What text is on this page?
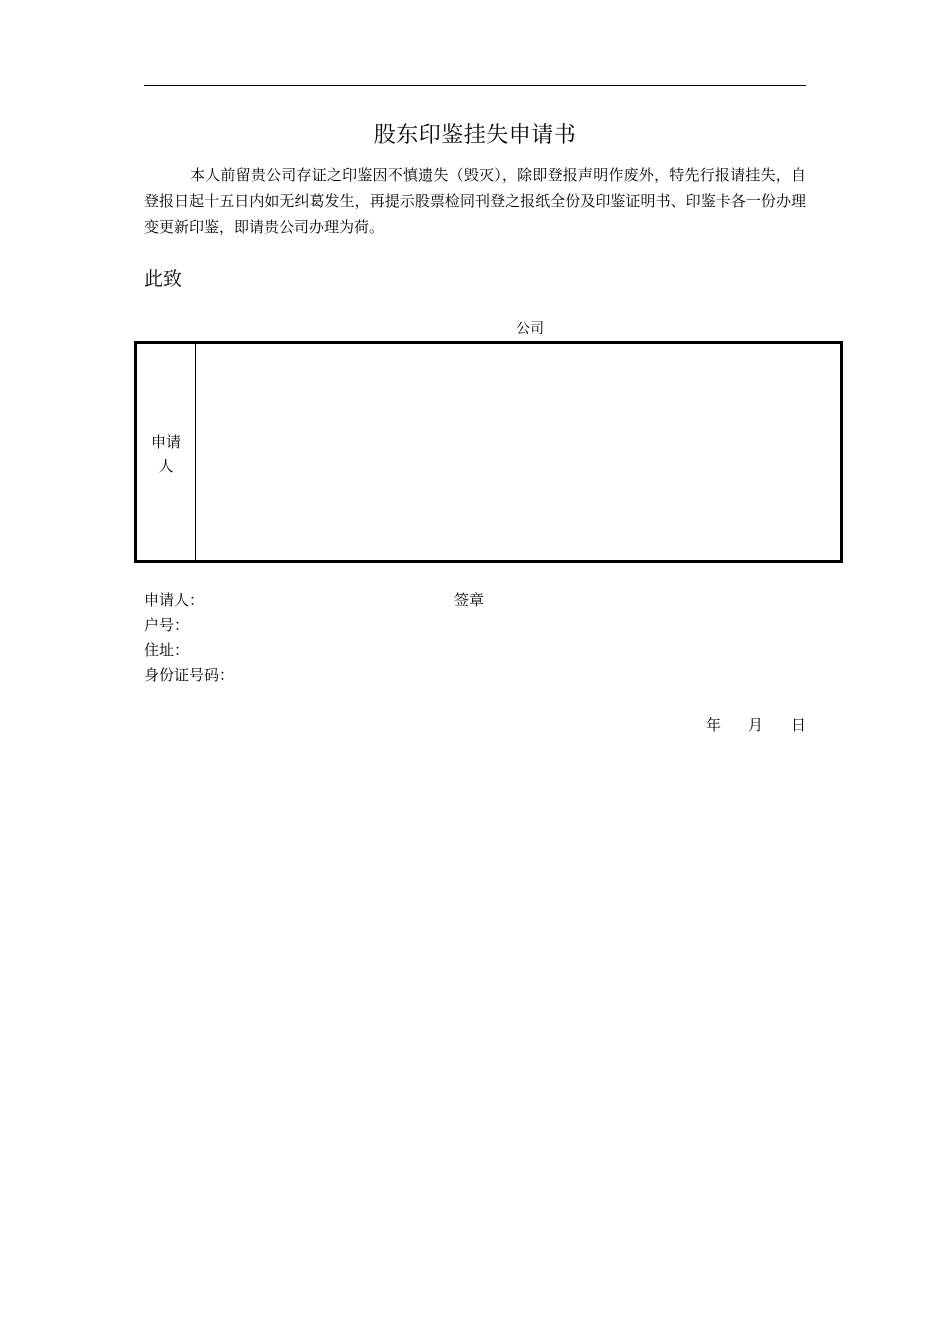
股东印鉴挂失申请书
本人前留贵公司存证之印鉴因不慎遗失（毁灭），除即登报声明作废外，特先行报请挂失，自登报日起十五日内如无纠葛发生，再提示股票检同刊登之报纸全份及印鉴证明书、印鉴卡各一份办理变更新印鉴，即请贵公司办理为荷。
此致
公司
申请
人
申请人：	签章
户号：
住址：
身份证号码：
年 月 日
